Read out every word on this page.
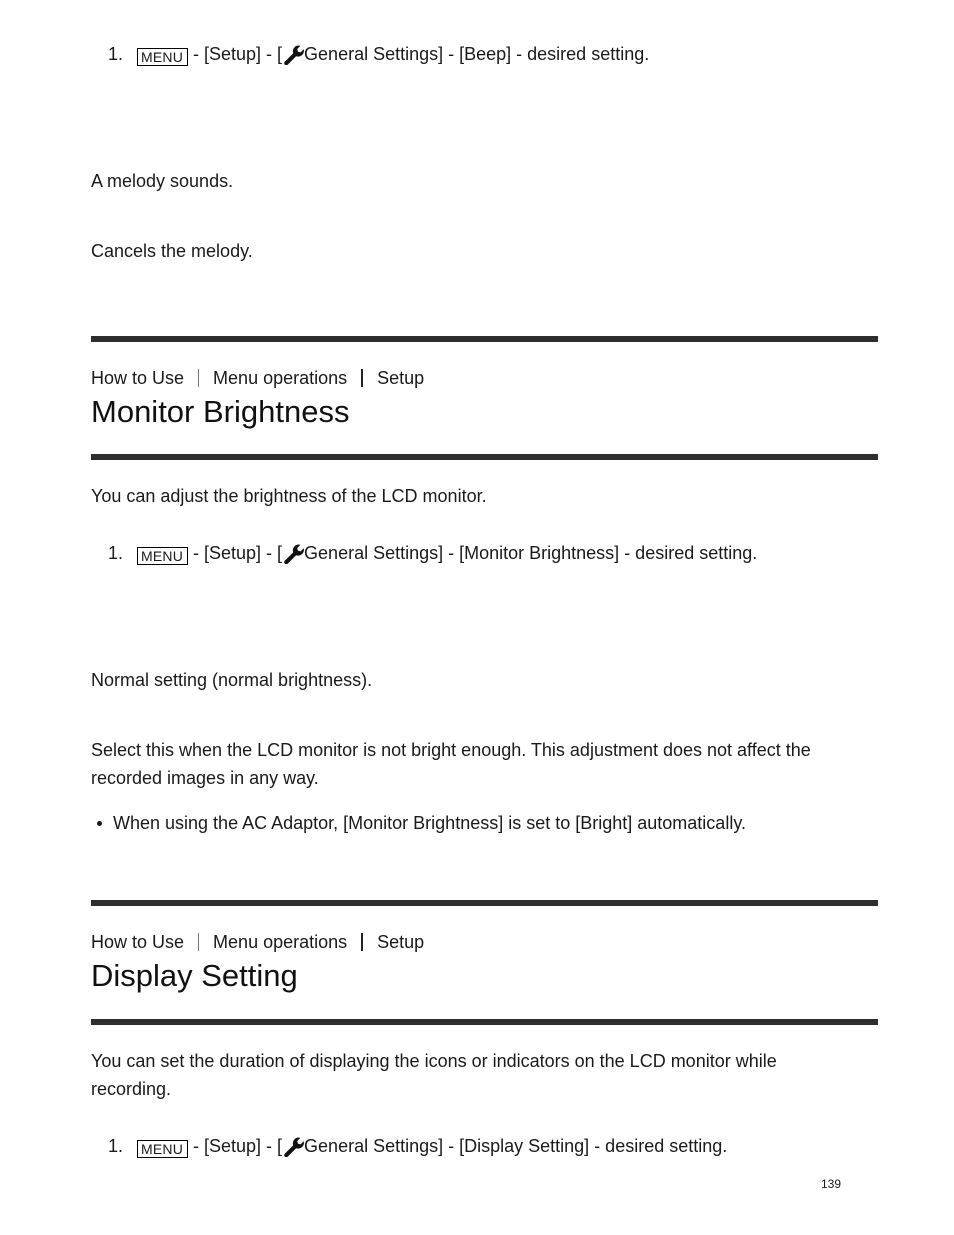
1. MENU - [Setup] - [ General Settings] - [Beep] - desired setting.
A melody sounds.
Cancels the melody.
How to Use Menu operations Setup
Monitor Brightness
You can adjust the brightness of the LCD monitor.
1. MENU - [Setup] - [ General Settings] - [Monitor Brightness] - desired setting.
Normal setting (normal brightness).
Select this when the LCD monitor is not bright enough. This adjustment does not affect the recorded images in any way.
When using the AC Adaptor, [Monitor Brightness] is set to [Bright] automatically.
How to Use Menu operations Setup
Display Setting
You can set the duration of displaying the icons or indicators on the LCD monitor while recording.
1. MENU - [Setup] - [ General Settings] - [Display Setting] - desired setting.
139
